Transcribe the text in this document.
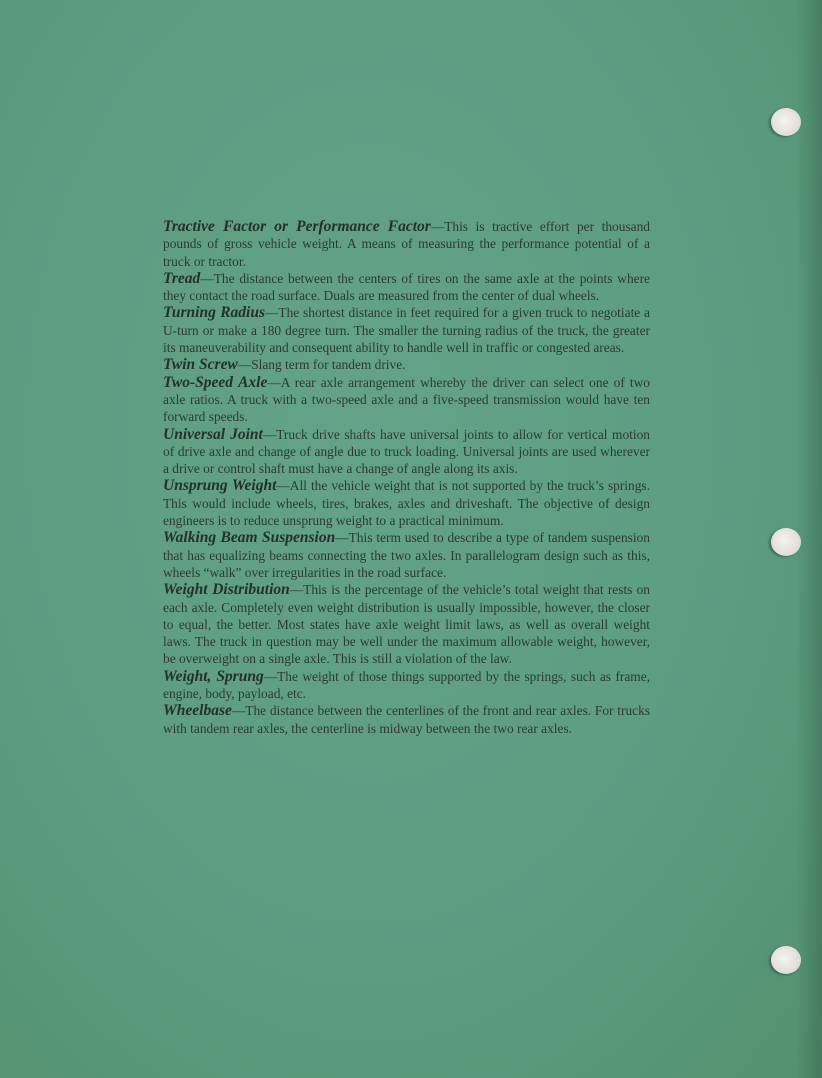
Tractive Factor or Performance Factor—This is tractive effort per thousand pounds of gross vehicle weight. A means of measuring the performance potential of a truck or tractor.

Tread—The distance between the centers of tires on the same axle at the points where they contact the road surface. Duals are measured from the center of dual wheels.

Turning Radius—The shortest distance in feet required for a given truck to negotiate a U-turn or make a 180 degree turn. The smaller the turning radius of the truck, the greater its maneuverability and consequent ability to handle well in traffic or congested areas.

Twin Screw—Slang term for tandem drive.

Two-Speed Axle—A rear axle arrangement whereby the driver can select one of two axle ratios. A truck with a two-speed axle and a five-speed transmission would have ten forward speeds.

Universal Joint—Truck drive shafts have universal joints to allow for vertical motion of drive axle and change of angle due to truck loading. Universal joints are used wherever a drive or control shaft must have a change of angle along its axis.

Unsprung Weight—All the vehicle weight that is not supported by the truck’s springs. This would include wheels, tires, brakes, axles and driveshaft. The objective of design engineers is to reduce unsprung weight to a practical minimum.

Walking Beam Suspension—This term used to describe a type of tandem suspension that has equalizing beams connecting the two axles. In parallelogram design such as this, wheels “walk” over irregularities in the road surface.

Weight Distribution—This is the percentage of the vehicle’s total weight that rests on each axle. Completely even weight distribution is usually impossible, however, the closer to equal, the better. Most states have axle weight limit laws, as well as overall weight laws. The truck in question may be well under the maximum allowable weight, however, be overweight on a single axle. This is still a violation of the law.

Weight, Sprung—The weight of those things supported by the springs, such as frame, engine, body, payload, etc.

Wheelbase—The distance between the centerlines of the front and rear axles. For trucks with tandem rear axles, the centerline is midway between the two rear axles.
